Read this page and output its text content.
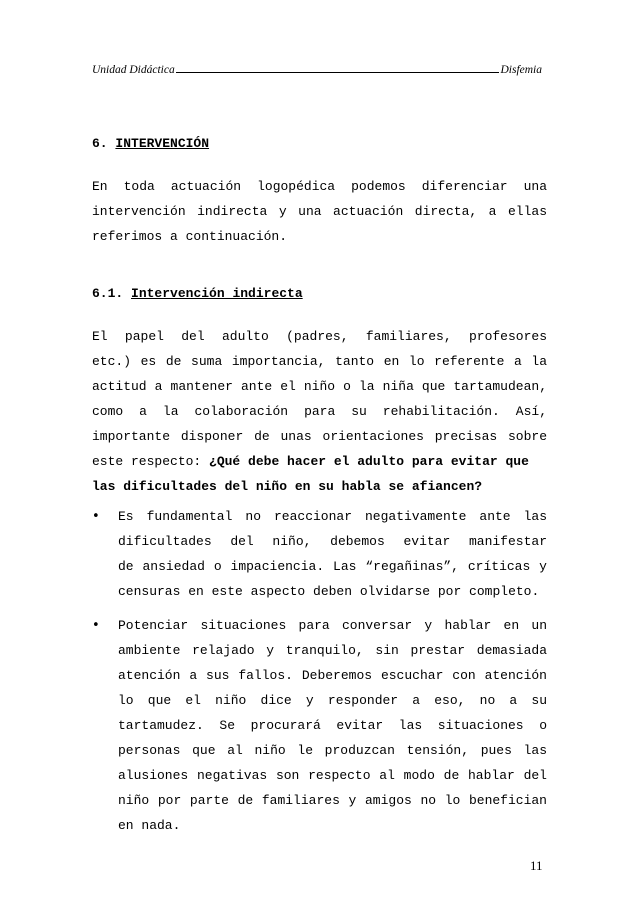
Unidad Didáctica	Disfemia
6. INTERVENCIÓN
En toda actuación logopédica podemos diferenciar una
intervención indirecta y una actuación directa, a ellas
referimos a continuación.
6.1. Intervención indirecta
El papel del adulto (padres, familiares, profesores
etc.) es de suma importancia, tanto en lo referente a la
actitud a mantener ante el niño o la niña que tartamudean,
como a la colaboración para su rehabilitación. Así,
importante disponer de unas orientaciones precisas sobre
este respecto: ¿Qué debe hacer el adulto para evitar que
las dificultades del niño en su habla se afiancen?
•	Es fundamental no reaccionar negativamente ante las
dificultades del niño, debemos evitar manifestar
de ansiedad o impaciencia. Las “regañinas”, críticas y
censuras en este aspecto deben olvidarse por completo.
•	Potenciar situaciones para conversar y hablar en un
ambiente relajado y tranquilo, sin prestar demasiada
atención a sus fallos. Deberemos escuchar con atención
lo que el niño dice y responder a eso, no a su
tartamudez. Se procurará evitar las situaciones o
personas que al niño le produzcan tensión, pues las
alusiones negativas son respecto al modo de hablar del
niño por parte de familiares y amigos no lo benefician
en nada.
11
